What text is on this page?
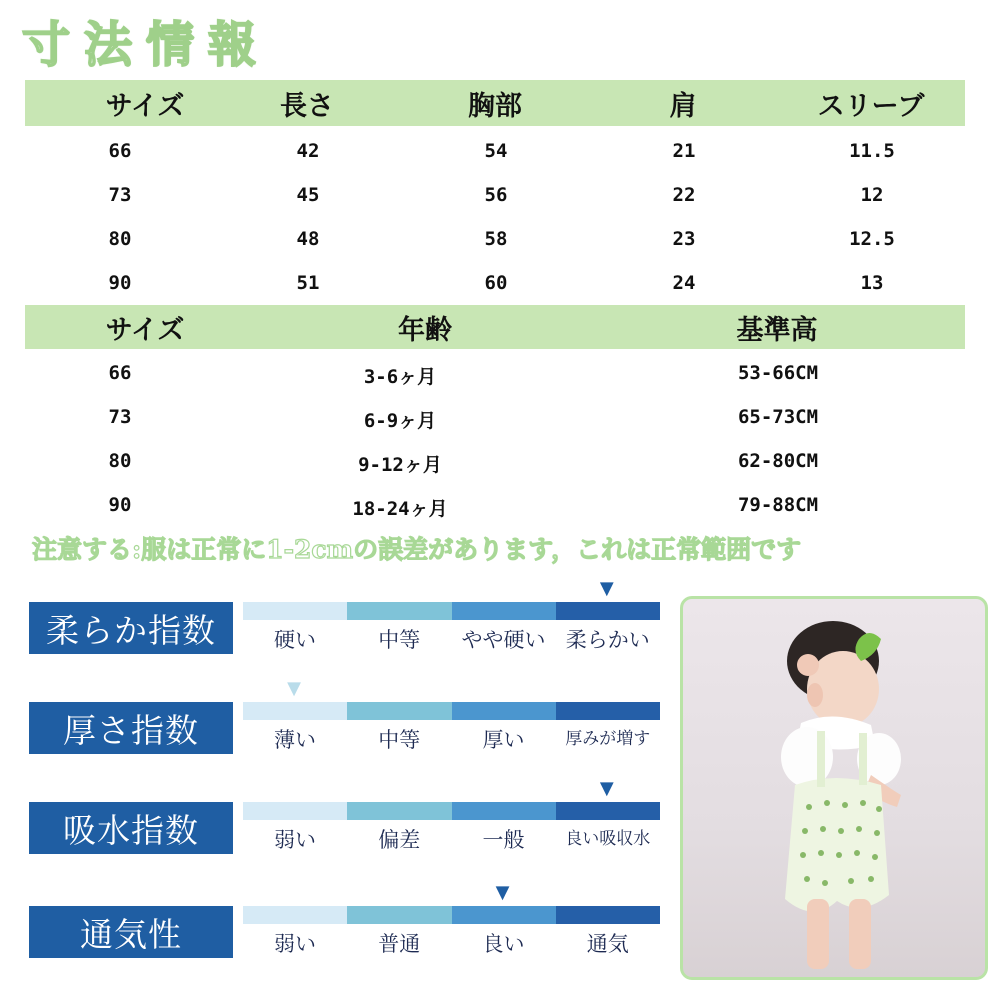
寸法情報
サイズ	長さ	胸部	肩	スリーブ
66	42	54	21	11.5
73	45	56	22	12
80	48	58	23	12.5
90	51	60	24	13
サイズ	年齢	基準高
66	3-6ヶ月	53-66CM
73	6-9ヶ月	65-73CM
80	9-12ヶ月	62-80CM
90	18-24ヶ月	79-88CM
注意する:服は正常に1-2cmの誤差があります，これは正常範囲です
柔らか指数	硬い	中等	やや硬い 柔らかい
▼
厚さ指数	薄い	中等	厚い	厚みが増す
▼
吸水指数	弱い	偏差	一般	良い吸収水
▼
通気性	弱い	普通	良い	通気
▼
